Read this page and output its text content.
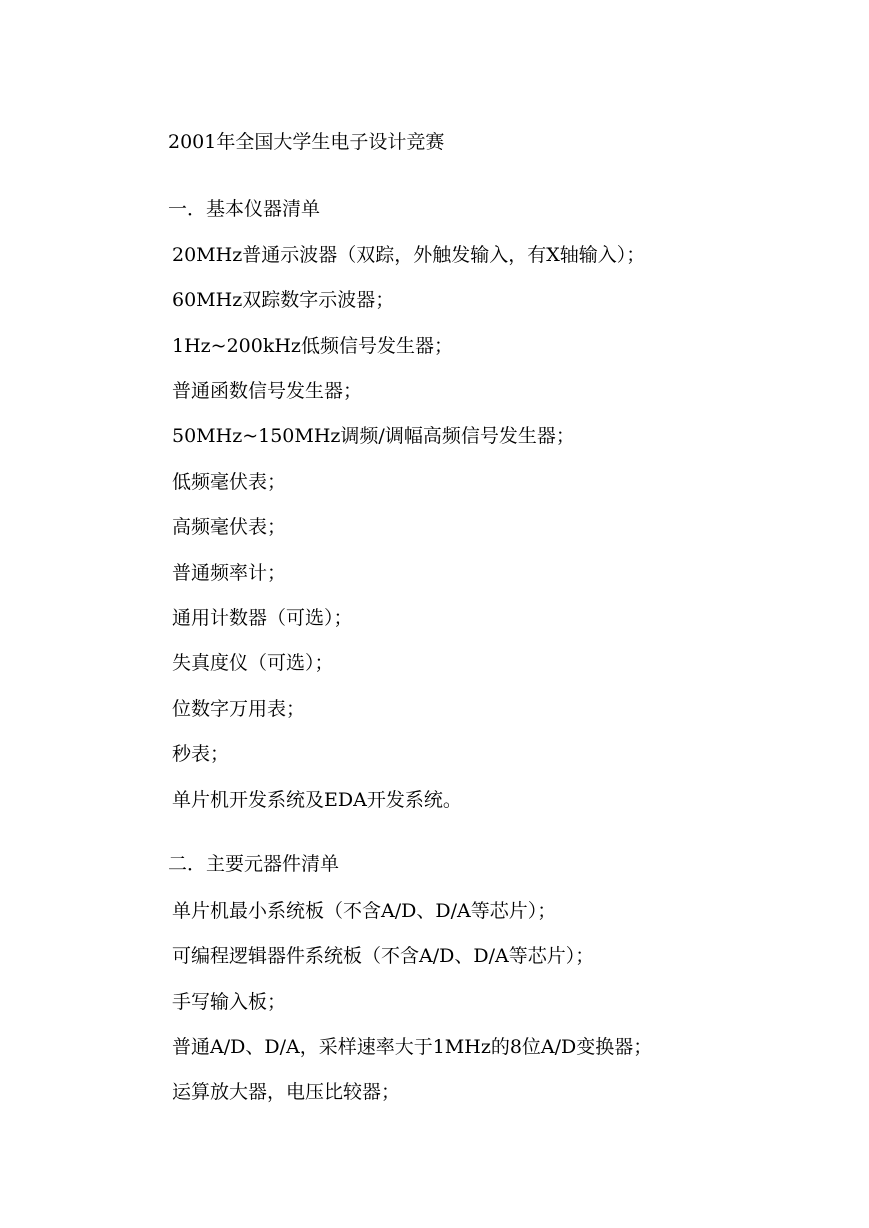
2001年全国大学生电子设计竞赛
一．基本仪器清单
20MHz普通示波器（双踪，外触发输入，有X轴输入）；
60MHz双踪数字示波器；
1Hz~200kHz低频信号发生器；
普通函数信号发生器；
50MHz~150MHz调频/调幅高频信号发生器；
低频毫伏表；
高频毫伏表；
普通频率计；
通用计数器（可选）；
失真度仪（可选）；
位数字万用表；
秒表；
单片机开发系统及EDA开发系统。
二．主要元器件清单
单片机最小系统板（不含A/D、D/A等芯片）；
可编程逻辑器件系统板（不含A/D、D/A等芯片）；
手写输入板；
普通A/D、D/A，采样速率大于1MHz的8位A/D变换器；
运算放大器，电压比较器；
